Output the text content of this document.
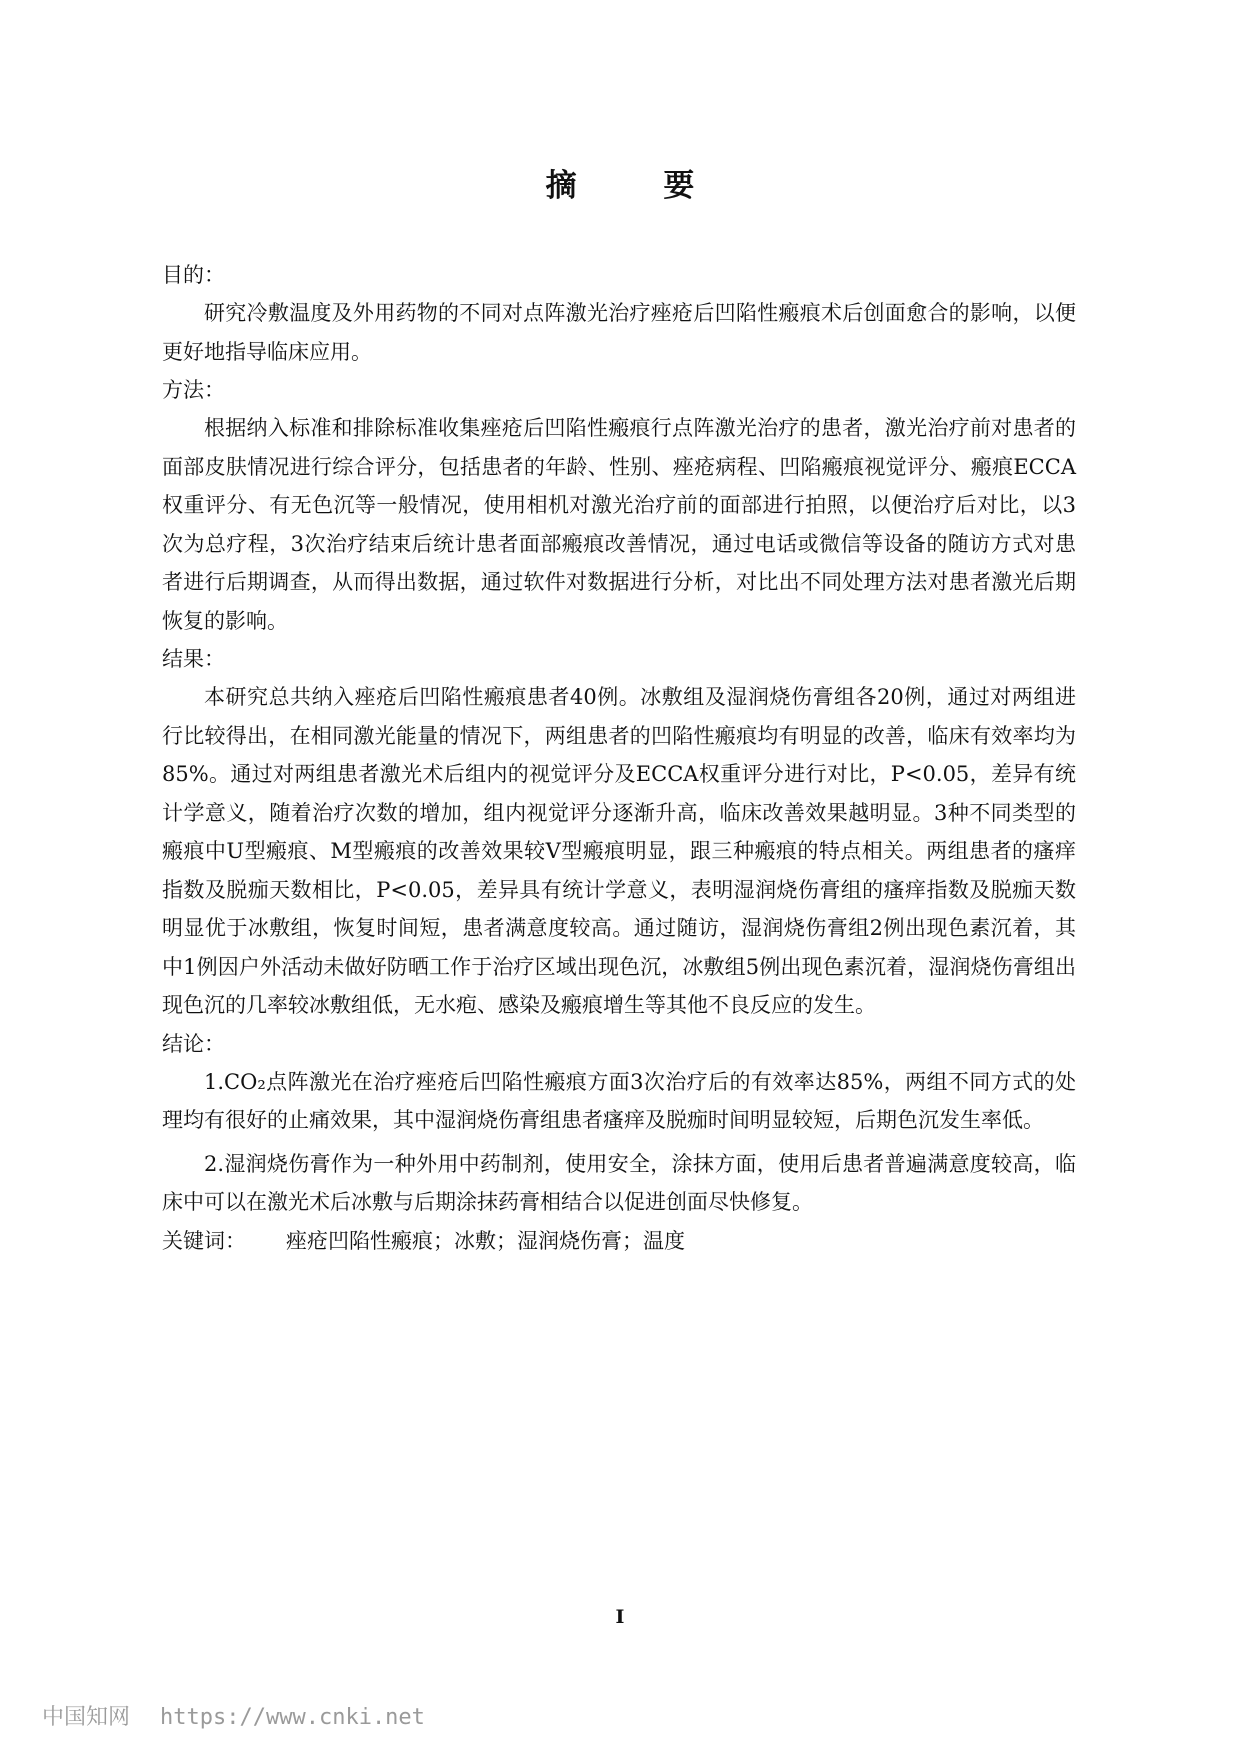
摘 要

目的：

研究冷敷温度及外用药物的不同对点阵激光治疗痤疮后凹陷性瘢痕术后创面愈合的影响，以便更好地指导临床应用。

方法：

根据纳入标准和排除标准收集痤疮后凹陷性瘢痕行点阵激光治疗的患者，激光治疗前对患者的面部皮肤情况进行综合评分，包括患者的年龄、性别、痤疮病程、凹陷瘢痕视觉评分、瘢痕ECCA权重评分、有无色沉等一般情况，使用相机对激光治疗前的面部进行拍照，以便治疗后对比，以3次为总疗程，3次治疗结束后统计患者面部瘢痕改善情况，通过电话或微信等设备的随访方式对患者进行后期调查，从而得出数据，通过软件对数据进行分析，对比出不同处理方法对患者激光后期恢复的影响。

结果：

本研究总共纳入痤疮后凹陷性瘢痕患者40例。冰敷组及湿润烧伤膏组各20例，通过对两组进行比较得出，在相同激光能量的情况下，两组患者的凹陷性瘢痕均有明显的改善，临床有效率均为85%。通过对两组患者激光术后组内的视觉评分及ECCA权重评分进行对比，P<0.05，差异有统计学意义，随着治疗次数的增加，组内视觉评分逐渐升高，临床改善效果越明显。3种不同类型的瘢痕中U型瘢痕、M型瘢痕的改善效果较V型瘢痕明显，跟三种瘢痕的特点相关。两组患者的瘙痒指数及脱痂天数相比，P<0.05，差异具有统计学意义，表明湿润烧伤膏组的瘙痒指数及脱痂天数明显优于冰敷组，恢复时间短，患者满意度较高。通过随访，湿润烧伤膏组2例出现色素沉着，其中1例因户外活动未做好防晒工作于治疗区域出现色沉，冰敷组5例出现色素沉着，湿润烧伤膏组出现色沉的几率较冰敷组低，无水疱、感染及瘢痕增生等其他不良反应的发生。

结论：

1.CO₂点阵激光在治疗痤疮后凹陷性瘢痕方面3次治疗后的有效率达85%，两组不同方式的处理均有很好的止痛效果，其中湿润烧伤膏组患者瘙痒及脱痂时间明显较短，后期色沉发生率低。

2.湿润烧伤膏作为一种外用中药制剂，使用安全，涂抹方面，使用后患者普遍满意度较高，临床中可以在激光术后冰敷与后期涂抹药膏相结合以促进创面尽快修复。

关键词： 痤疮凹陷性瘢痕；冰敷；湿润烧伤膏；温度

I
中国知网 https://www.cnki.net
